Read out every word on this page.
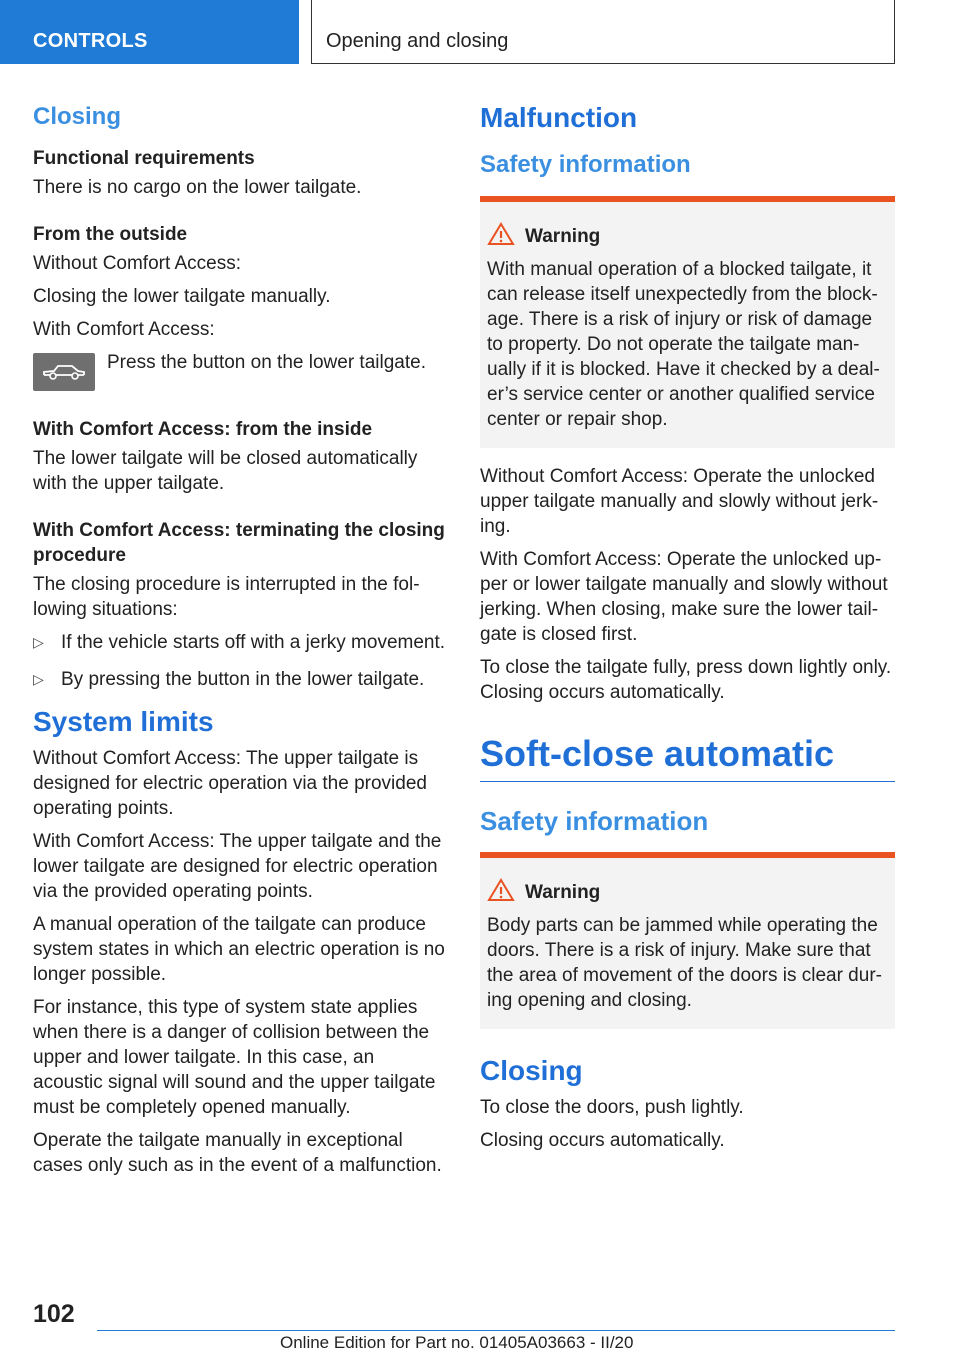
CONTROLS	Opening and closing
Closing
Functional requirements

There is no cargo on the lower tailgate.

From the outside

Without Comfort Access:

Closing the lower tailgate manually.

With Comfort Access:

Press the button on the lower tailgate.
With Comfort Access: from the inside

The lower tailgate will be closed automatically with the upper tailgate.

With Comfort Access: terminating the closing procedure

The closing procedure is interrupted in the fol-lowing situations:

▷ If the vehicle starts off with a jerky movement.
▷ By pressing the button in the lower tailgate.
System limits

Without Comfort Access: The upper tailgate is designed for electric operation via the provided operating points.

With Comfort Access: The upper tailgate and the lower tailgate are designed for electric operation via the provided operating points.

A manual operation of the tailgate can produce system states in which an electric operation is no longer possible.

For instance, this type of system state applies when there is a danger of collision between the upper and lower tailgate. In this case, an acoustic signal will sound and the upper tailgate must be completely opened manually.

Operate the tailgate manually in exceptional cases only such as in the event of a malfunction.

Malfunction
Safety information
Warning

With manual operation of a blocked tailgate, it can release itself unexpectedly from the block-age. There is a risk of injury or risk of damage to property. Do not operate the tailgate man-ually if it is blocked. Have it checked by a deal-er’s service center or another qualified service center or repair shop.

Without Comfort Access: Operate the unlocked upper tailgate manually and slowly without jerk-ing.

With Comfort Access: Operate the unlocked up-per or lower tailgate manually and slowly without jerking. When closing, make sure the lower tail-gate is closed first.

To close the tailgate fully, press down lightly only. Closing occurs automatically.

Soft-close automatic
Safety information
Warning

Body parts can be jammed while operating the doors. There is a risk of injury. Make sure that the area of movement of the doors is clear dur-ing opening and closing.

Closing

To close the doors, push lightly.

Closing occurs automatically.

102
Online Edition for Part no. 01405A03663 - II/20
